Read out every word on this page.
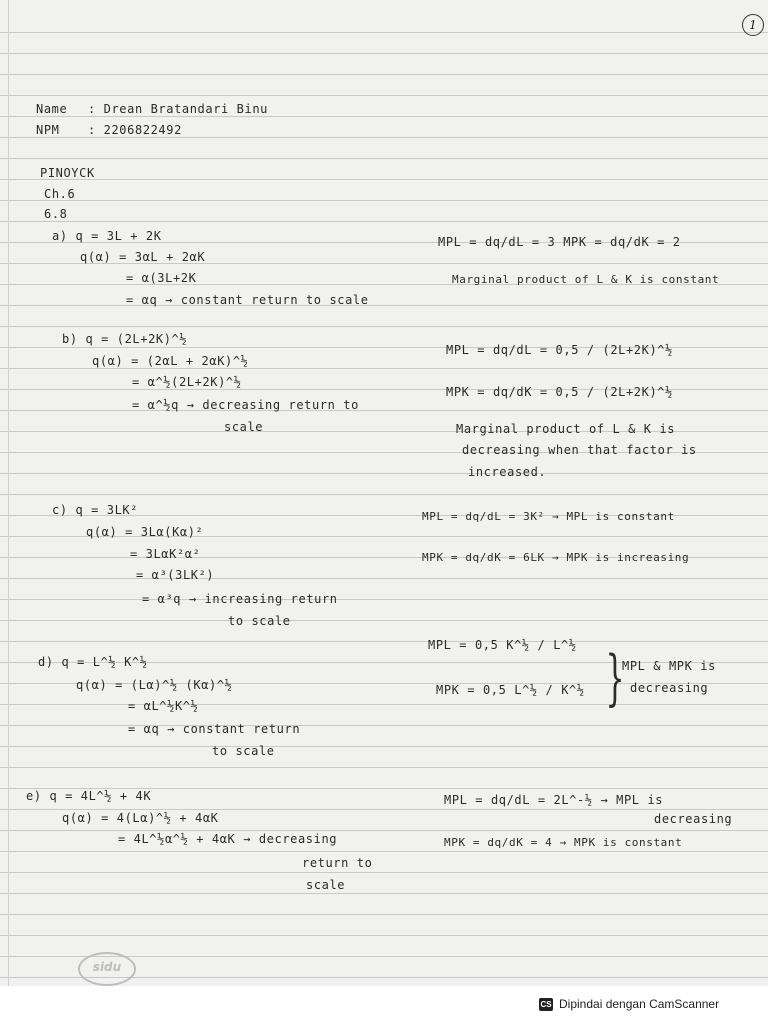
1
Name : Drean Bratandari Binu
NPM : 2206822492
PINOYCK
Ch.6
6.8
a) q = 3L + 2K
q(α) = 3αL + 2αK
= α(3L+2K
= αq → constant return to scale
MPL = dq/dL = 3 MPK = dq/dK = 2
Marginal product of L & K is constant
b) q = (2L+2K)^½
q(α) = (2αL + 2αK)^½
= α^½(2L+2K)^½
= α^½q → decreasing return to
scale
MPL = dq/dL = 0,5 / (2L+2K)^½
MPK = dq/dK = 0,5 / (2L+2K)^½
Marginal product of L & K is
decreasing when that factor is
increased.
c) q = 3LK²
q(α) = 3Lα(Kα)²
= 3LαK²α²
= α³(3LK²)
= α³q → increasing return
to scale
MPL = dq/dL = 3K² → MPL is constant
MPK = dq/dK = 6LK → MPK is increasing
d) q = L^½ K^½
q(α) = (Lα)^½ (Kα)^½
= αL^½K^½
= αq → constant return
to scale
MPL = 0,5 K^½ / L^½
MPK = 0,5 L^½ / K^½ }
MPL & MPK is
decreasing
e) q = 4L^½ + 4K
q(α) = 4(Lα)^½ + 4αK
= 4L^½α^½ + 4αK → decreasing
return to
scale
MPL = dq/dL = 2L^-½ → MPL is
decreasing
MPK = dq/dK = 4 → MPK is constant
sidu
CS Dipindai dengan CamScanner
